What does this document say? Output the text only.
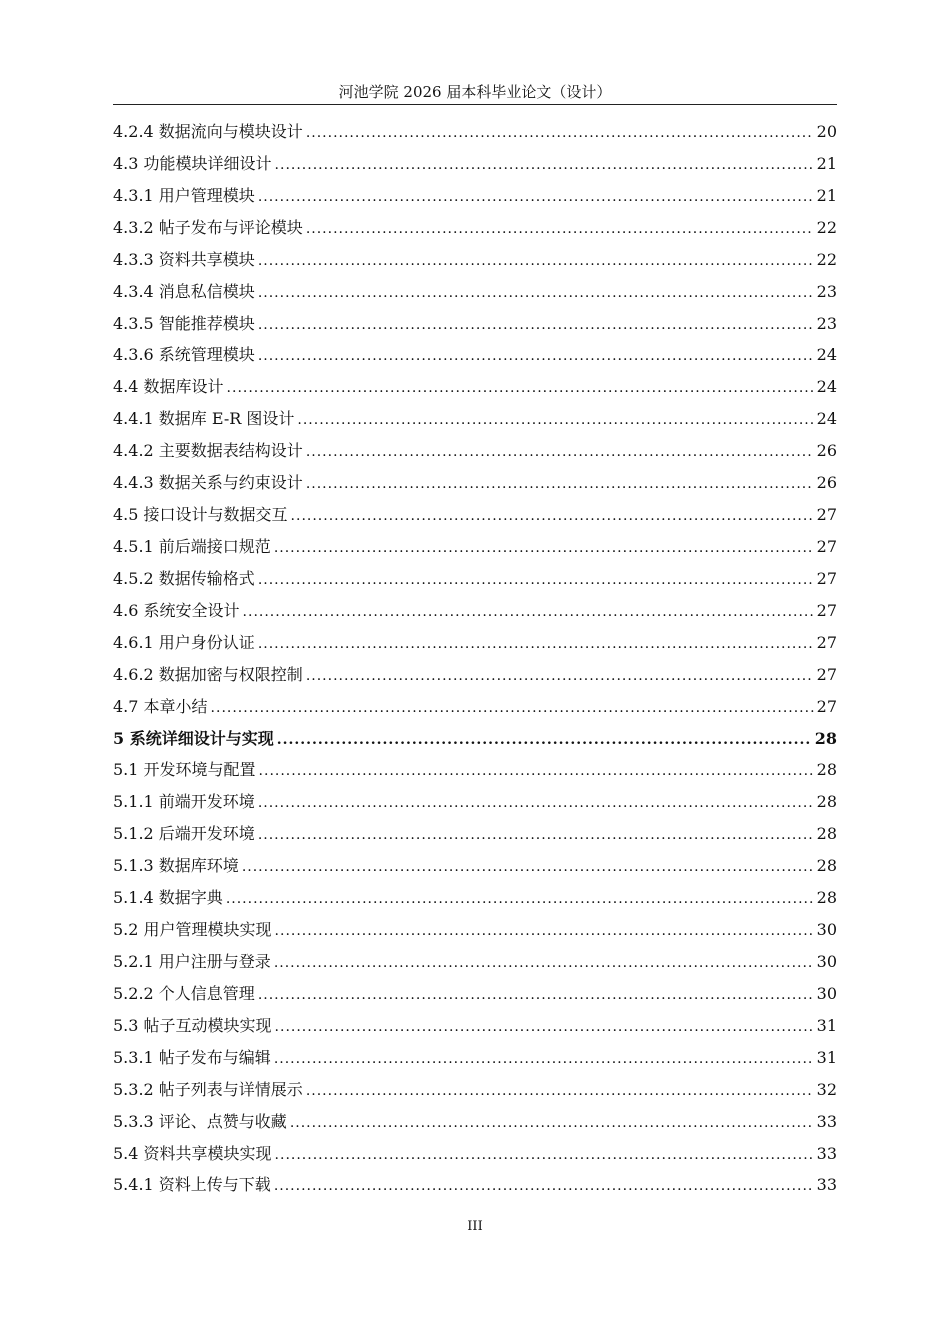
河池学院 2026 届本科毕业论文（设计）
4.2.4 数据流向与模块设计 .....	20
4.3 功能模块详细设计 .....	21
4.3.1 用户管理模块 .....	21
4.3.2 帖子发布与评论模块 .....	22
4.3.3 资料共享模块 .....	22
4.3.4 消息私信模块 .....	23
4.3.5 智能推荐模块 .....	23
4.3.6 系统管理模块 .....	24
4.4 数据库设计 .....	24
4.4.1 数据库 E-R 图设计 .....	24
4.4.2 主要数据表结构设计 .....	26
4.4.3 数据关系与约束设计 .....	26
4.5 接口设计与数据交互 .....	27
4.5.1 前后端接口规范 .....	27
4.5.2 数据传输格式 .....	27
4.6 系统安全设计 .....	27
4.6.1 用户身份认证 .....	27
4.6.2 数据加密与权限控制 .....	27
4.7 本章小结 .....	27
5 系统详细设计与实现 .....	28
5.1 开发环境与配置 .....	28
5.1.1 前端开发环境 .....	28
5.1.2 后端开发环境 .....	28
5.1.3 数据库环境 .....	28
5.1.4 数据字典 .....	28
5.2 用户管理模块实现 .....	30
5.2.1 用户注册与登录 .....	30
5.2.2 个人信息管理 .....	30
5.3 帖子互动模块实现 .....	31
5.3.1 帖子发布与编辑 .....	31
5.3.2 帖子列表与详情展示 .....	32
5.3.3 评论、点赞与收藏 .....	33
5.4 资料共享模块实现 .....	33
5.4.1 资料上传与下载 .....	33
III
